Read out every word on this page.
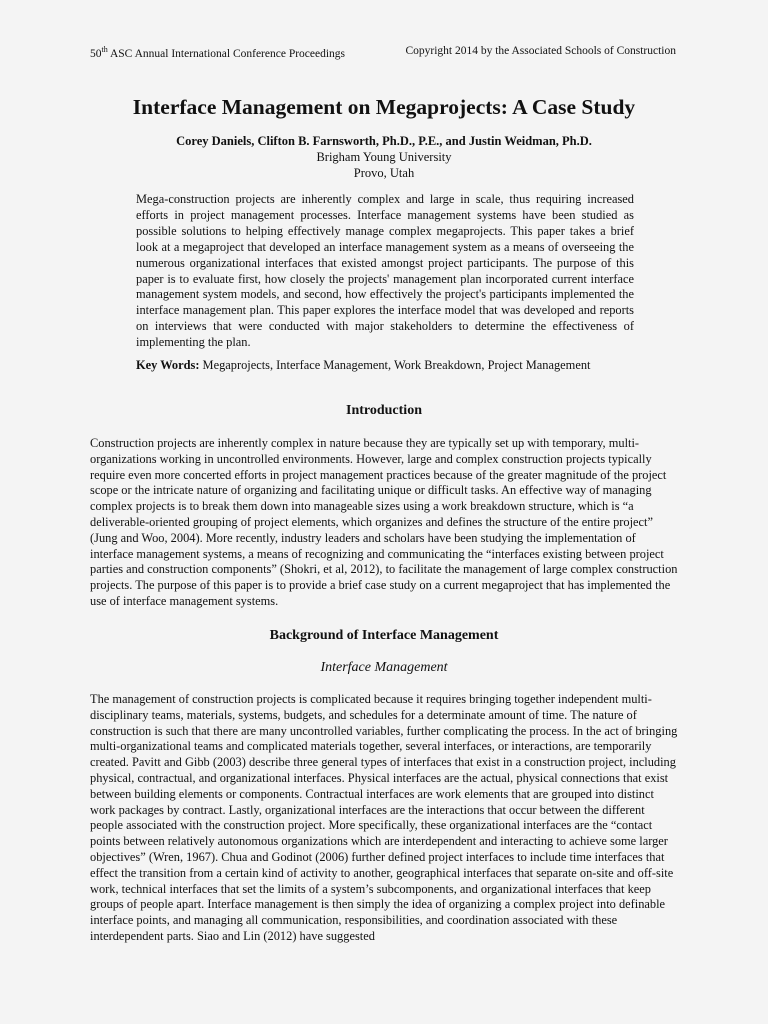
50th ASC Annual International Conference Proceedings	Copyright 2014 by the Associated Schools of Construction
Interface Management on Megaprojects: A Case Study
Corey Daniels, Clifton B. Farnsworth, Ph.D., P.E., and Justin Weidman, Ph.D.
Brigham Young University
Provo, Utah

Mega-construction projects are inherently complex and large in scale, thus requiring increased efforts in project management processes. Interface management systems have been studied as possible solutions to helping effectively manage complex megaprojects. This paper takes a brief look at a megaproject that developed an interface management system as a means of overseeing the numerous organizational interfaces that existed amongst project participants. The purpose of this paper is to evaluate first, how closely the projects' management plan incorporated current interface management system models, and second, how effectively the project's participants implemented the interface management plan. This paper explores the interface model that was developed and reports on interviews that were conducted with major stakeholders to determine the effectiveness of implementing the plan.

Key Words: Megaprojects, Interface Management, Work Breakdown, Project Management

Introduction

Construction projects are inherently complex in nature because they are typically set up with temporary, multi-organizations working in uncontrolled environments. However, large and complex construction projects typically require even more concerted efforts in project management practices because of the greater magnitude of the project scope or the intricate nature of organizing and facilitating unique or difficult tasks. An effective way of managing complex projects is to break them down into manageable sizes using a work breakdown structure, which is “a deliverable-oriented grouping of project elements, which organizes and defines the structure of the entire project” (Jung and Woo, 2004). More recently, industry leaders and scholars have been studying the implementation of interface management systems, a means of recognizing and communicating the “interfaces existing between project parties and construction components” (Shokri, et al, 2012), to facilitate the management of large complex construction projects. The purpose of this paper is to provide a brief case study on a current megaproject that has implemented the use of interface management systems.

Background of Interface Management
Interface Management

The management of construction projects is complicated because it requires bringing together independent multi-disciplinary teams, materials, systems, budgets, and schedules for a determinate amount of time. The nature of construction is such that there are many uncontrolled variables, further complicating the process. In the act of bringing multi-organizational teams and complicated materials together, several interfaces, or interactions, are temporarily created. Pavitt and Gibb (2003) describe three general types of interfaces that exist in a construction project, including physical, contractual, and organizational interfaces. Physical interfaces are the actual, physical connections that exist between building elements or components. Contractual interfaces are work elements that are grouped into distinct work packages by contract. Lastly, organizational interfaces are the interactions that occur between the different people associated with the construction project. More specifically, these organizational interfaces are the “contact points between relatively autonomous organizations which are interdependent and interacting to achieve some larger objectives” (Wren, 1967). Chua and Godinot (2006) further defined project interfaces to include time interfaces that effect the transition from a certain kind of activity to another, geographical interfaces that separate on-site and off-site work, technical interfaces that set the limits of a system’s subcomponents, and organizational interfaces that keep groups of people apart. Interface management is then simply the idea of organizing a complex project into definable interface points, and managing all communication, responsibilities, and coordination associated with these interdependent parts. Siao and Lin (2012) have suggested
